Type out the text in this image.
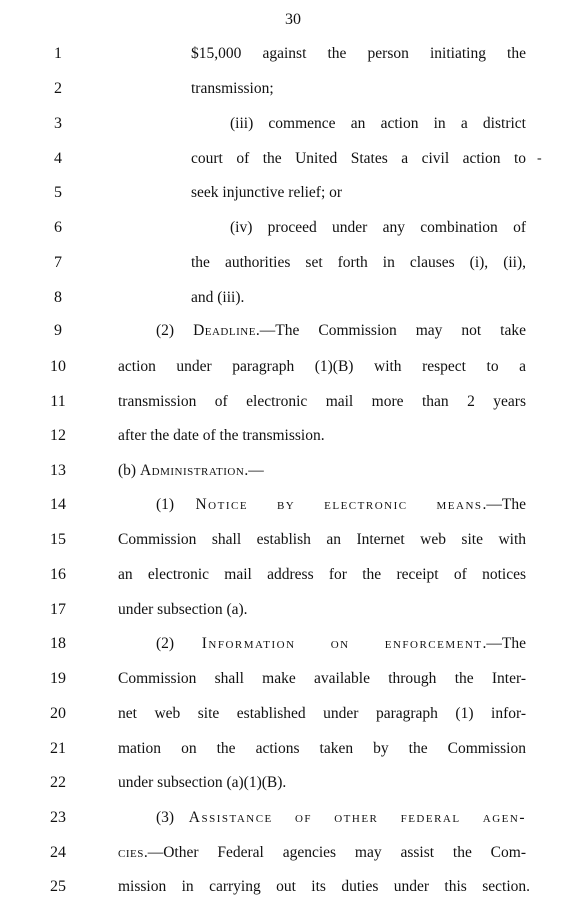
30
1	$15,000 against the person initiating the
2	transmission;
3	(iii) commence an action in a district
4	court of the United States a civil action to -
5	seek injunctive relief; or
6	(iv) proceed under any combination of
7	the authorities set forth in clauses (i), (ii),
8	and (iii).
9	(2) Deadline.—The Commission may not take
10	action under paragraph (1)(B) with respect to a
11	transmission of electronic mail more than 2 years
12	after the date of the transmission.
13	(b) Administration.—
14	(1) Notice by electronic means.—The
15	Commission shall establish an Internet web site with
16	an electronic mail address for the receipt of notices
17	under subsection (a).
18	(2) Information on enforcement.—The
19	Commission shall make available through the Inter-
20	net web site established under paragraph (1) infor-
21	mation on the actions taken by the Commission
22	under subsection (a)(1)(B).
23	(3) Assistance of other federal agen-
24	cies.—Other Federal agencies may assist the Com-
25	mission in carrying out its duties under this section.
